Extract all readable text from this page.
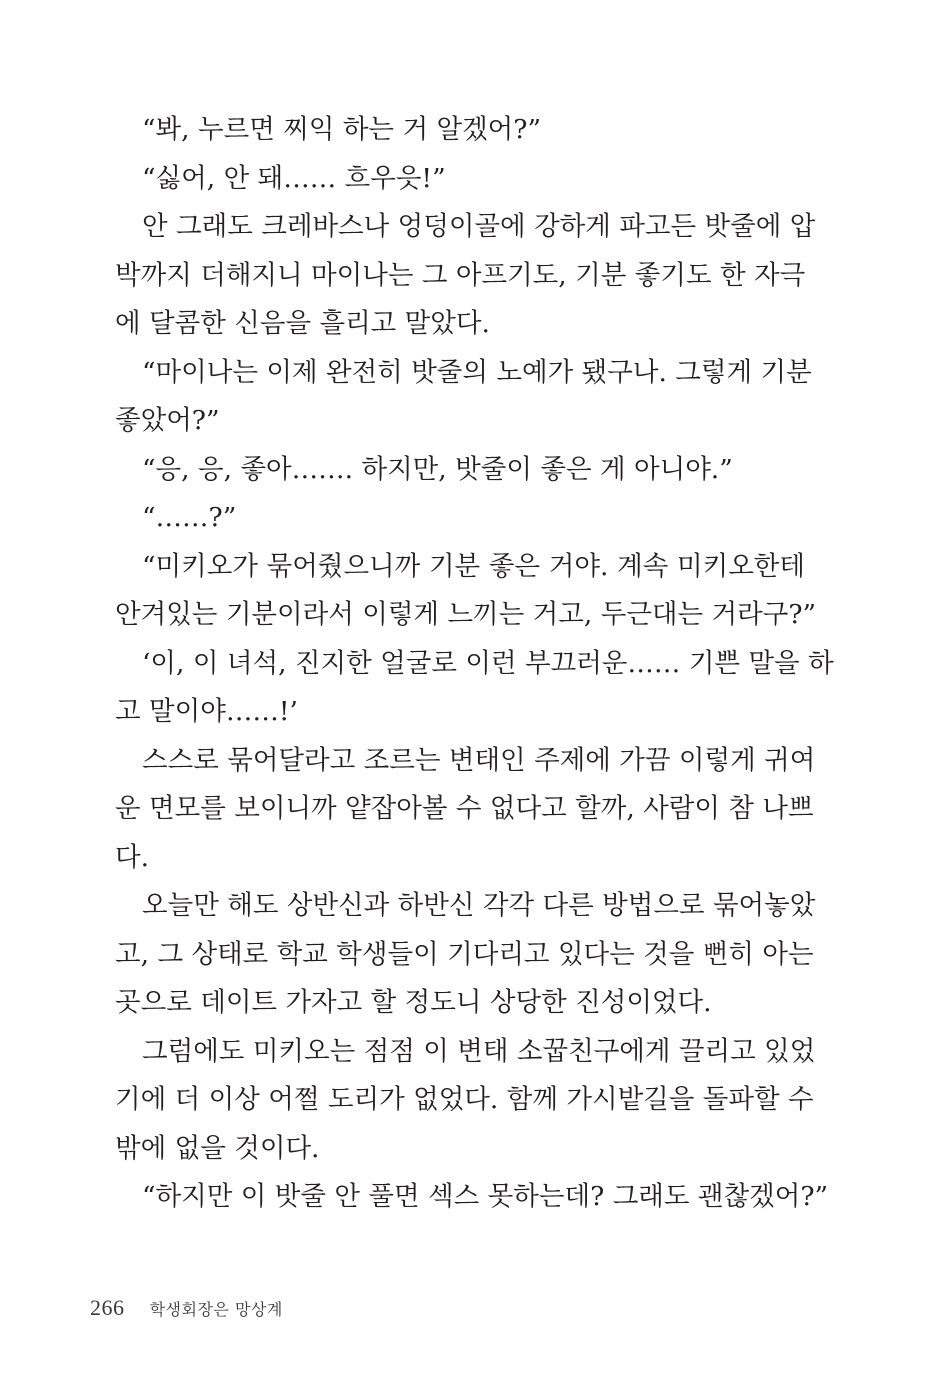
“봐, 누르면 찌익 하는 거 알겠어?”
“싫어, 안 돼…… 흐우읏!”
안 그래도 크레바스나 엉덩이골에 강하게 파고든 밧줄에 압
박까지 더해지니 마이나는 그 아프기도, 기분 좋기도 한 자극
에 달콤한 신음을 흘리고 말았다.
“마이나는 이제 완전히 밧줄의 노예가 됐구나. 그렇게 기분
좋았어?”
“응, 응, 좋아……. 하지만, 밧줄이 좋은 게 아니야.”
“……?”
“미키오가 묶어줬으니까 기분 좋은 거야. 계속 미키오한테
안겨있는 기분이라서 이렇게 느끼는 거고, 두근대는 거라구?”
‘이, 이 녀석, 진지한 얼굴로 이런 부끄러운…… 기쁜 말을 하
고 말이야……!’
스스로 묶어달라고 조르는 변태인 주제에 가끔 이렇게 귀여
운 면모를 보이니까 얕잡아볼 수 없다고 할까, 사람이 참 나쁘
다.
오늘만 해도 상반신과 하반신 각각 다른 방법으로 묶어놓았
고, 그 상태로 학교 학생들이 기다리고 있다는 것을 뻔히 아는
곳으로 데이트 가자고 할 정도니 상당한 진성이었다.
그럼에도 미키오는 점점 이 변태 소꿉친구에게 끌리고 있었
기에 더 이상 어쩔 도리가 없었다. 함께 가시밭길을 돌파할 수
밖에 없을 것이다.
“하지만 이 밧줄 안 풀면 섹스 못하는데? 그래도 괜찮겠어?”
266 학생회장은 망상계
